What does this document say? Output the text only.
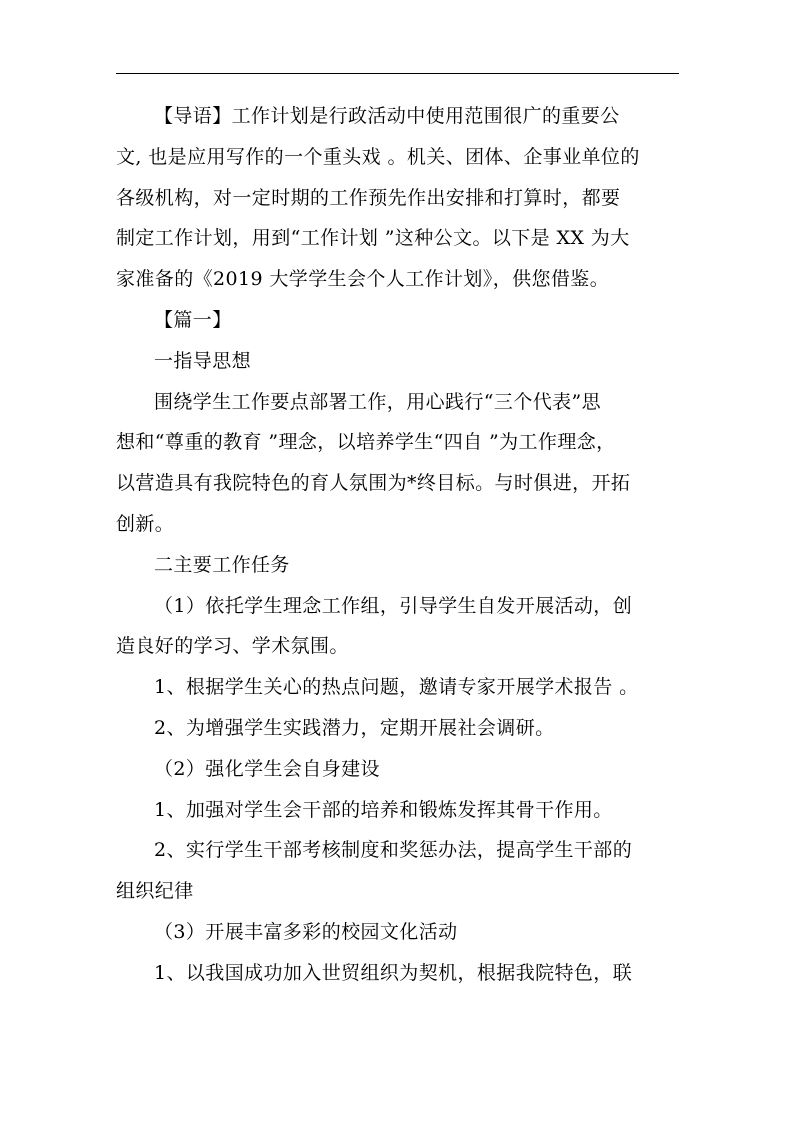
【导语】工作计划是行政活动中使用范围很广的重要公
文, 也是应用写作的一个重头戏 。机关、团体、企事业单位的
各级机构，对一定时期的工作预先作出安排和打算时，都要
制定工作计划，用到“工作计划 ”这种公文。以下是 XX 为大
家准备的《2019 大学学生会个人工作计划》，供您借鉴。

【篇一】

一指导思想

围绕学生工作要点部署工作，用心践行“三个代表”思
想和“尊重的教育 ”理念，以培养学生“四自 ”为工作理念，
以营造具有我院特色的育人氛围为*终目标。与时俱进，开拓
创新。

二主要工作任务

（1）依托学生理念工作组，引导学生自发开展活动，创
造良好的学习、学术氛围。

1、根据学生关心的热点问题，邀请专家开展学术报告 。

2、为增强学生实践潜力，定期开展社会调研。

（2）强化学生会自身建设

1、加强对学生会干部的培养和锻炼发挥其骨干作用。

2、实行学生干部考核制度和奖惩办法，提高学生干部的
组织纪律

（3）开展丰富多彩的校园文化活动

1、以我国成功加入世贸组织为契机，根据我院特色，联
